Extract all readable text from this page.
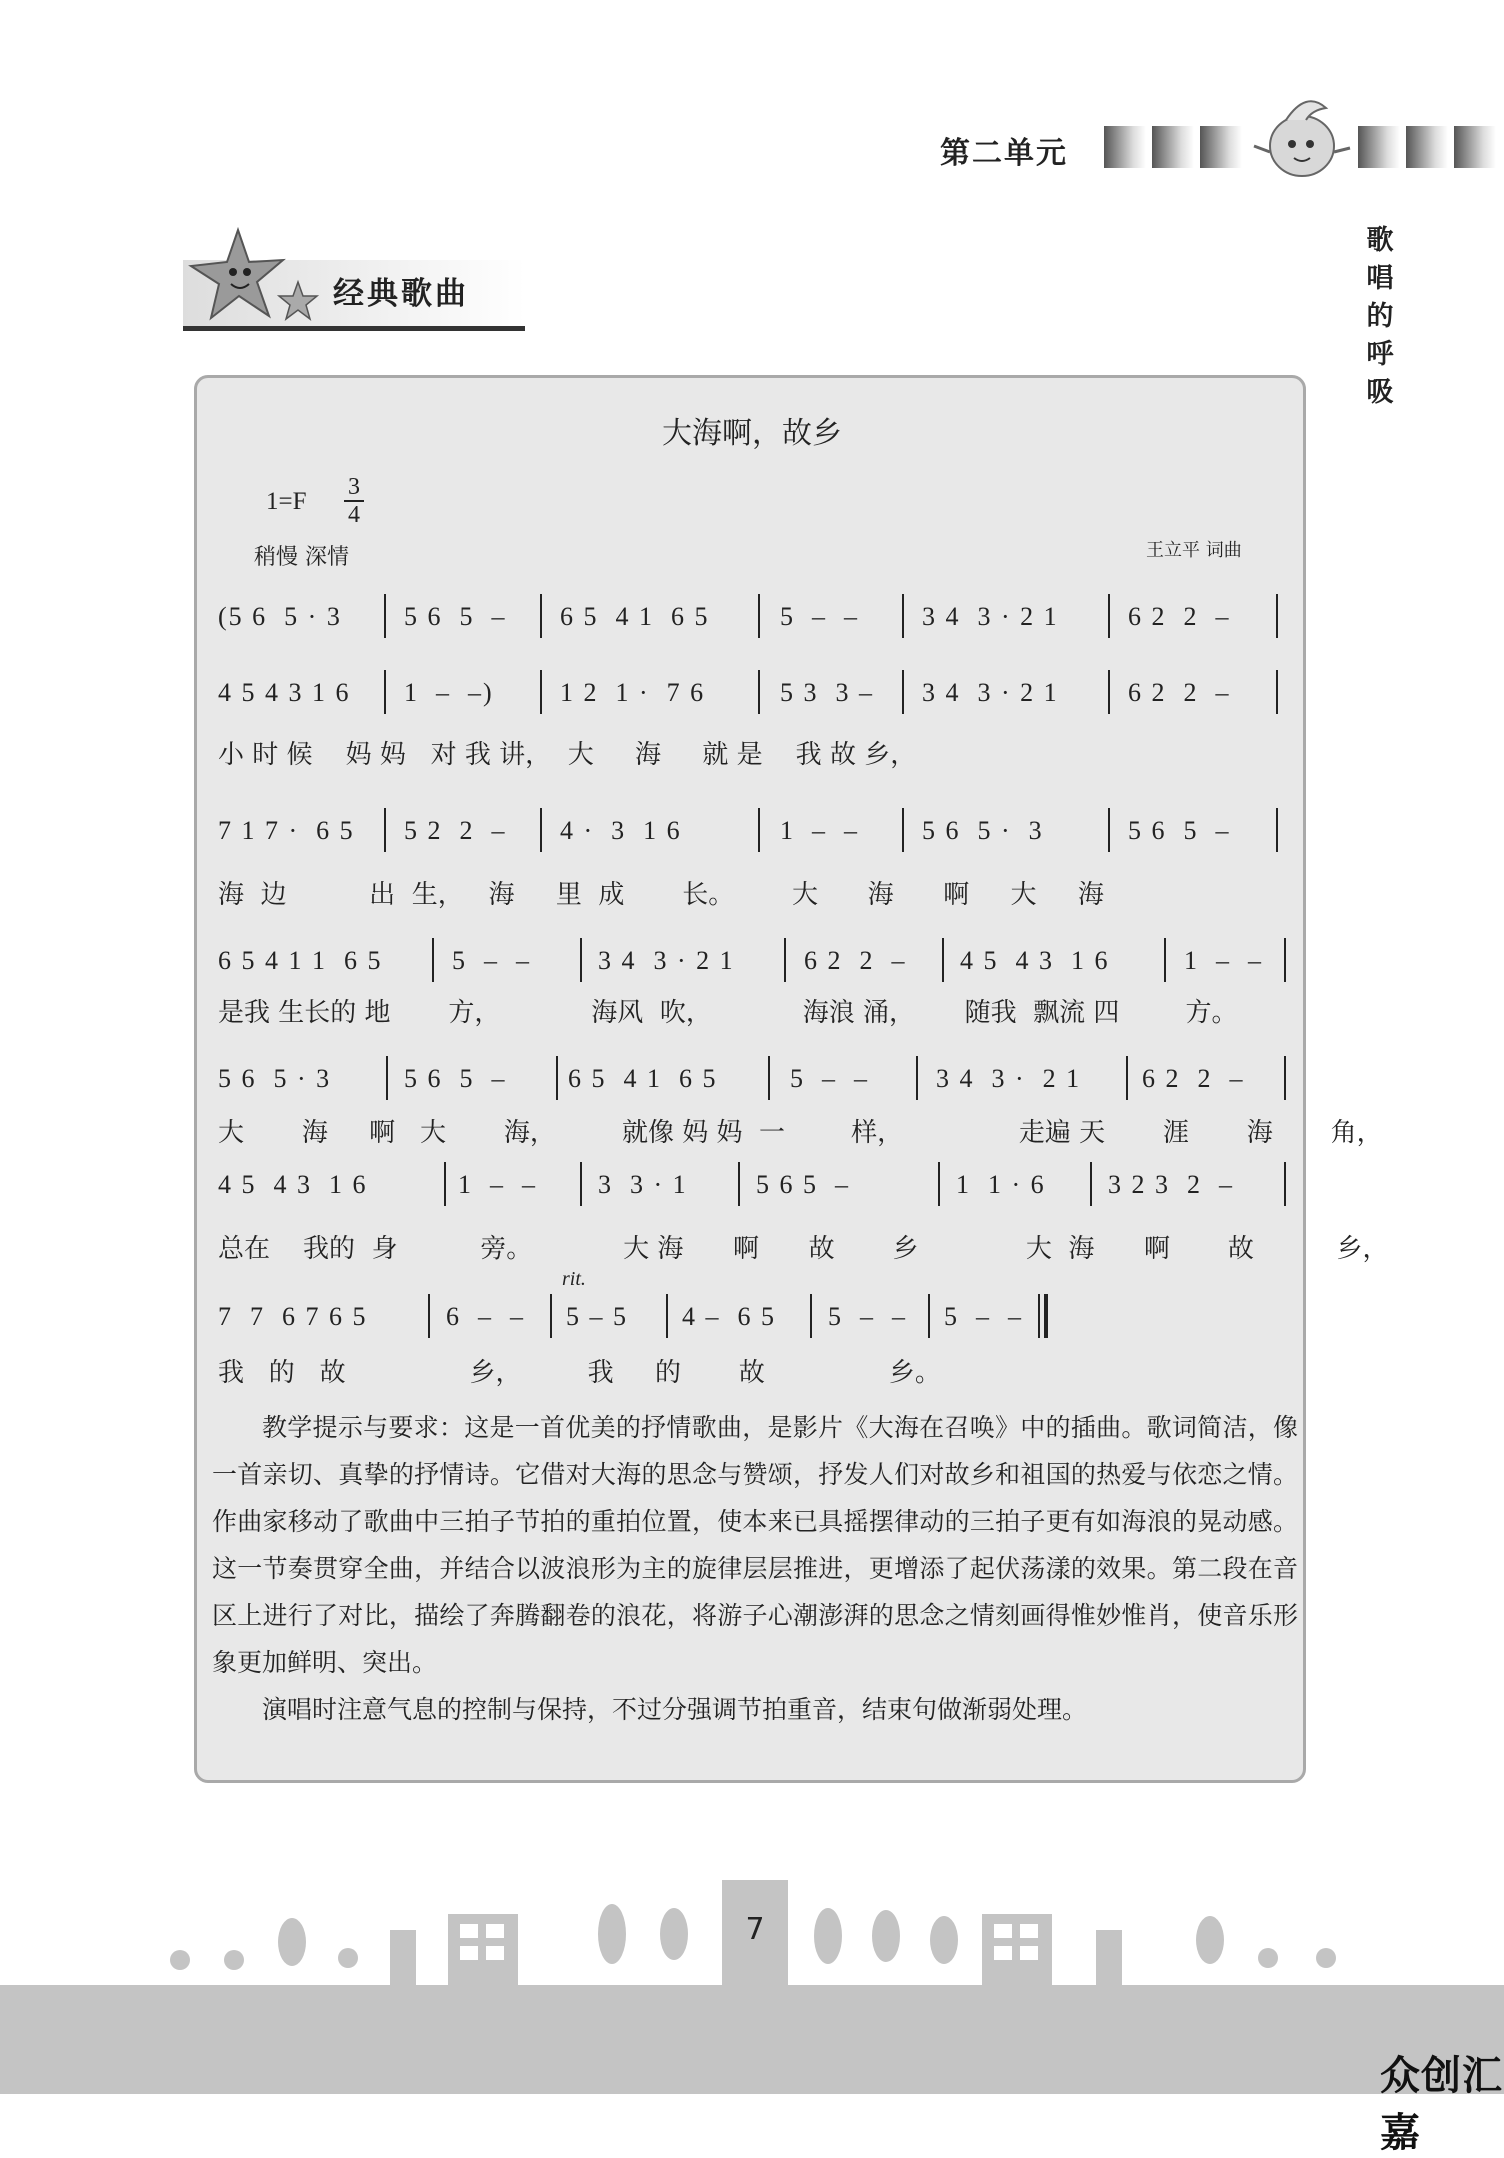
第二单元
歌唱的呼吸
经典歌曲
大海啊，故乡
1=F
3
4
稍慢 深情	王立平 词曲
(5 6  5 · 3 5 6  5  – 6 5  4 1  6 5	5  –  – 3 4  3 · 2 1	6 2  2  –
4 5 4 3 1 6 1  –  –)	1 2  1 ·  7 6	5 3  3 – 3 4  3 · 2 1	6 2  2  –
小 时 候    妈 妈   对 我 讲，  大     海     就 是    我 故 乡，
7 1 7 ·  6 5 5 2  2  – 4 ·  3  1 6	1  –  – 5 6  5 ·  3	5 6  5  –
海  边          出  生，   海     里  成       长。       大      海      啊     大     海
6 5 4 1 1  6 5	5  –  –	3 4  3 · 2 1	6 2  2  – 4 5  4 3  1 6	1  –  –
是我 生长的 地       方，           海风  吹，           海浪 涌，      随我  飘流 四        方。
5 6  5 · 3	5 6  5  – 6 5  4 1  6 5	5  –  –	3 4  3 ·  2 1 6 2  2  –
大       海     啊   大       海，        就像 妈 妈  一        样，              走遍 天       涯       海       角，
4 5  4 3  1 6	1  –  – 3  3 · 1	5 6 5  –	1  1 · 6 3 2 3  2  –
总在    我的  身          旁。           大 海      啊      故       乡             大  海      啊       故          乡，
rit.
7  7  6 7 6 5	6  –  – 5 – 5 4 –  6 5 5  –  – 5  –  –
我   的   故               乡，        我     的       故               乡。

教学提示与要求：这是一首优美的抒情歌曲，是影片《大海在召唤》中的插曲。歌词简洁，像一首亲切、真挚的抒情诗。它借对大海的思念与赞颂，抒发人们对故乡和祖国的热爱与依恋之情。作曲家移动了歌曲中三拍子节拍的重拍位置，使本来已具摇摆律动的三拍子更有如海浪的晃动感。这一节奏贯穿全曲，并结合以波浪形为主的旋律层层推进，更增添了起伏荡漾的效果。第二段在音区上进行了对比，描绘了奔腾翻卷的浪花，将游子心潮澎湃的思念之情刻画得惟妙惟肖，使音乐形象更加鲜明、突出。

演唱时注意气息的控制与保持，不过分强调节拍重音，结束句做渐弱处理。

7
众创汇嘉
